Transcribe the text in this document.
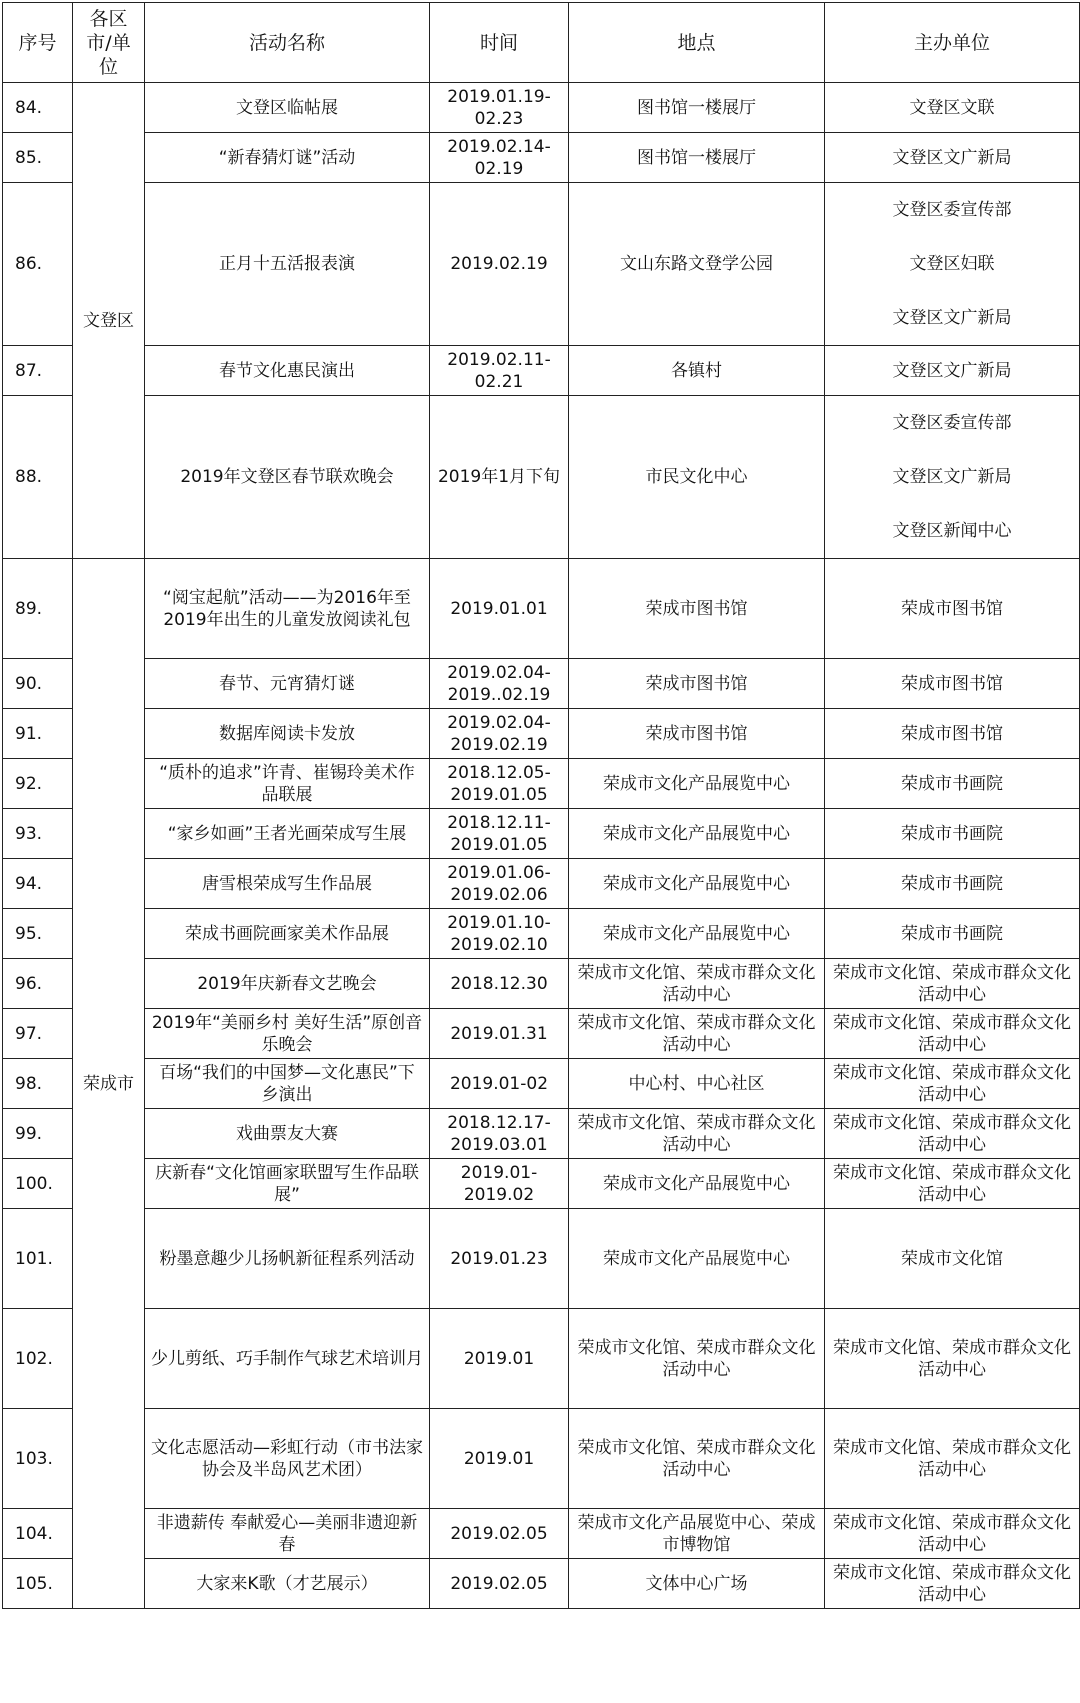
序号	各区市/单位	活动名称	时间	地点	主办单位
84.	文登区	文登区临帖展	2019.01.19-02.23	图书馆一楼展厅	文登区文联
85.		“新春猜灯谜”活动	2019.02.14-02.19	图书馆一楼展厅	文登区文广新局
86.		正月十五活报表演	2019.02.19	文山东路文登学公园	文登区委宣传部
文登区妇联
文登区文广新局

87.		春节文化惠民演出	2019.02.11-02.21	各镇村	文登区文广新局
88.		2019年文登区春节联欢晚会	2019年1月下旬	市民文化中心	文登区委宣传部
文登区文广新局
文登区新闻中心

89.	荣成市	“阅宝起航”活动——为2016年至2019年出生的儿童发放阅读礼包	2019.01.01	荣成市图书馆	荣成市图书馆
90.		春节、元宵猜灯谜	2019.02.04-2019..02.19	荣成市图书馆	荣成市图书馆
91.		数据库阅读卡发放	2019.02.04-2019.02.19	荣成市图书馆	荣成市图书馆
92.		“质朴的追求”许青、崔锡玲美术作品联展	2018.12.05-2019.01.05	荣成市文化产品展览中心	荣成市书画院
93.		“家乡如画”王者光画荣成写生展	2018.12.11-2019.01.05	荣成市文化产品展览中心	荣成市书画院
94.		唐雪根荣成写生作品展	2019.01.06-2019.02.06	荣成市文化产品展览中心	荣成市书画院
95.		荣成书画院画家美术作品展	2019.01.10-2019.02.10	荣成市文化产品展览中心	荣成市书画院
96.		2019年庆新春文艺晚会	2018.12.30	荣成市文化馆、荣成市群众文化活动中心	荣成市文化馆、荣成市群众文化活动中心
97.		2019年“美丽乡村 美好生活”原创音乐晚会	2019.01.31	荣成市文化馆、荣成市群众文化活动中心	荣成市文化馆、荣成市群众文化活动中心
98.		百场“我们的中国梦—文化惠民”下乡演出	2019.01-02	中心村、中心社区	荣成市文化馆、荣成市群众文化活动中心
99.		戏曲票友大赛	2018.12.17-2019.03.01	荣成市文化馆、荣成市群众文化活动中心	荣成市文化馆、荣成市群众文化活动中心
100.		庆新春“文化馆画家联盟写生作品联展”	2019.01-2019.02	荣成市文化产品展览中心	荣成市文化馆、荣成市群众文化活动中心
101.		粉墨意趣少儿扬帆新征程系列活动	2019.01.23	荣成市文化产品展览中心	荣成市文化馆
102.		少儿剪纸、巧手制作气球艺术培训月	2019.01	荣成市文化馆、荣成市群众文化活动中心	荣成市文化馆、荣成市群众文化活动中心
103.		文化志愿活动—彩虹行动（市书法家协会及半岛风艺术团）	2019.01	荣成市文化馆、荣成市群众文化活动中心	荣成市文化馆、荣成市群众文化活动中心
104.		非遗薪传 奉献爱心—美丽非遗迎新春	2019.02.05	荣成市文化产品展览中心、荣成市博物馆	荣成市文化馆、荣成市群众文化活动中心
105.		大家来K歌（才艺展示）	2019.02.05	文体中心广场	荣成市文化馆、荣成市群众文化活动中心
